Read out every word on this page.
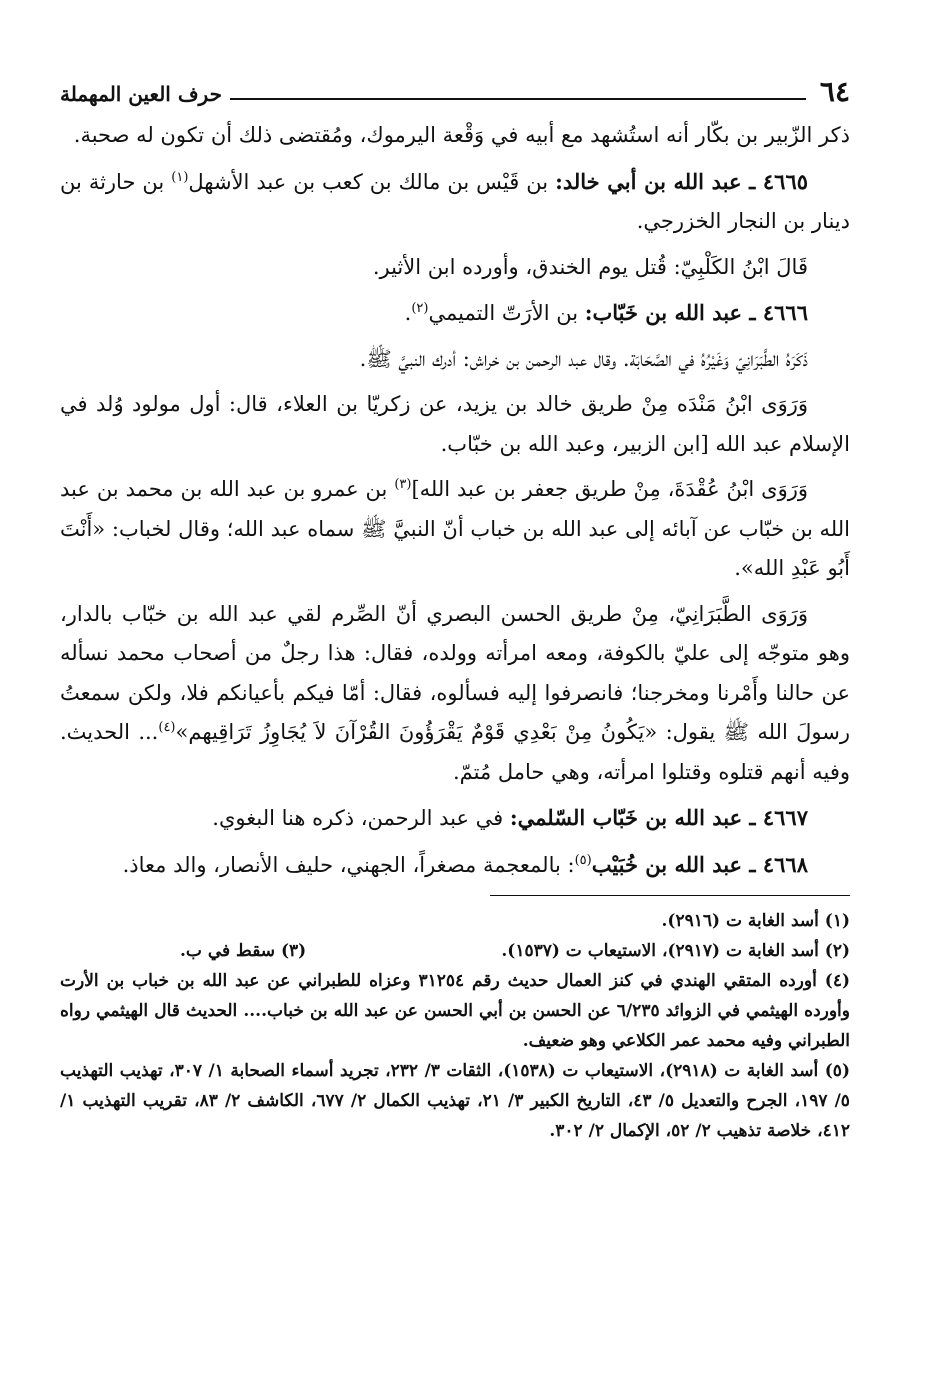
٦٤
حرف العين المهملة

ذكر الزّبير بن بكّار أنه استُشهد مع أبيه في وَقْعة اليرموك، ومُقتضى ذلك أن تكون له صحبة.

٤٦٦٥ ـ عبد الله بن أبي خالد: بن قَيْس بن مالك بن كعب بن عبد الأشهل$^{(١)}$ بن حارثة بن دينار بن النجار الخزرجي.

قَالَ ابْنُ الكَلْبِيّ: قُتل يوم الخندق، وأورده ابن الأثير.

٤٦٦٦ ـ عبد الله بن خَبّاب: بن الأرَتّ التميمي$^{(٢)}$.

ذَكَرَهُ الطَّبَرَانِيّ وَغَيْرُهُ في الصَّحَابَة. وقال عبد الرحمن بن خراش: أدرك النبيَّ ﷺ.

وَرَوَى ابْنُ مَنْدَه مِنْ طريق خالد بن يزيد، عن زكريّا بن العلاء، قال: أول مولود وُلد في الإسلام عبد الله [ابن الزبير، وعبد الله بن خبّاب.

وَرَوَى ابْنُ عُقْدَةَ، مِنْ طريق جعفر بن عبد الله]$^{(٣)}$ بن عمرو بن عبد الله بن محمد بن عبد الله بن خبّاب عن آبائه إلى عبد الله بن خباب أنّ النبيَّ ﷺ سماه عبد الله؛ وقال لخباب: «أَنْتَ أَبُو عَبْدِ الله».

وَرَوَى الطَّبَرَانِيّ، مِنْ طريق الحسن البصري أنّ الصِّرم لقي عبد الله بن خبّاب بالدار، وهو متوجّه إلى عليّ بالكوفة، ومعه امرأته وولده، فقال: هذا رجلٌ من أصحاب محمد نسأله عن حالنا وأَمْرنا ومخرجنا؛ فانصرفوا إليه فسألوه، فقال: أمّا فيكم بأعيانكم فلا، ولكن سمعتُ رسولَ الله ﷺ يقول: «يَكُونُ مِنْ بَعْدِي قَوْمٌ يَقْرَؤُونَ القُرْآنَ لاَ يُجَاوِزُ تَرَاقِيهم»$^{(٤)}$... الحديث. وفيه أنهم قتلوه وقتلوا امرأته، وهي حامل مُتمّ.

٤٦٦٧ ـ عبد الله بن خَبّاب السّلمي: في عبد الرحمن، ذكره هنا البغوي.

٤٦٦٨ ـ عبد الله بن خُبَيْب$^{(٥)}$: بالمعجمة مصغراً، الجهني، حليف الأنصار، والد معاذ.

(١) أسد الغابة ت (٢٩١٦).

(٢) أسد الغابة ت (٢٩١٧)، الاستيعاب ت (١٥٣٧).

(٣) سقط في ب.

(٤) أورده المتقي الهندي في كنز العمال حديث رقم ٣١٢٥٤ وعزاه للطبراني عن عبد الله بن خباب بن الأرت وأورده الهيثمي في الزوائد ٦/٢٣٥ عن الحسن بن أبي الحسن عن عبد الله بن خباب.... الحديث قال الهيثمي رواه الطبراني وفيه محمد عمر الكلاعي وهو ضعيف.

(٥) أسد الغابة ت (٢٩١٨)، الاستيعاب ت (١٥٣٨)، الثقات ٣/ ٢٣٢، تجريد أسماء الصحابة ١/ ٣٠٧، تهذيب التهذيب ٥/ ١٩٧، الجرح والتعديل ٥/ ٤٣، التاريخ الكبير ٣/ ٢١، تهذيب الكمال ٢/ ٦٧٧، الكاشف ٢/ ٨٣، تقريب التهذيب ١/ ٤١٢، خلاصة تذهيب ٢/ ٥٢، الإكمال ٢/ ٣٠٢.
